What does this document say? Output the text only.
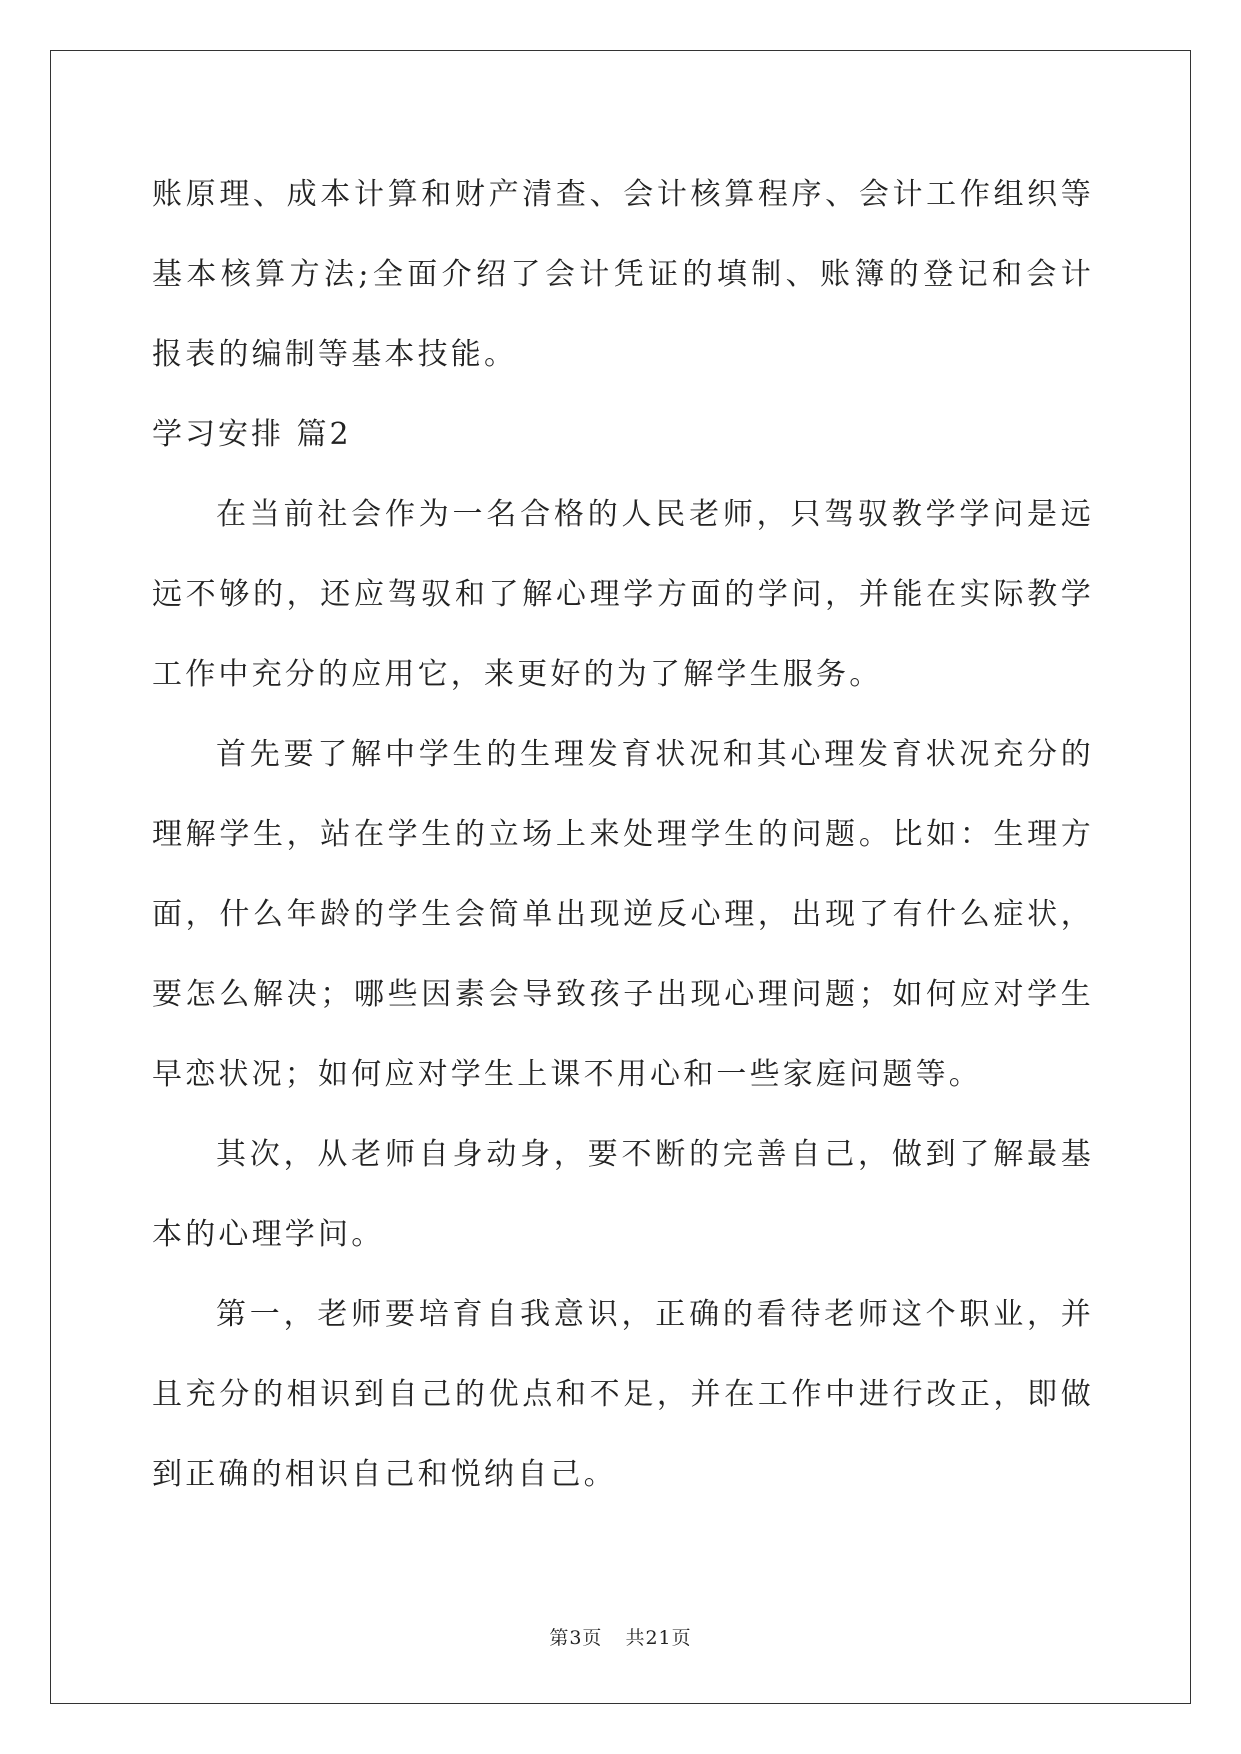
账原理、成本计算和财产清查、会计核算程序、会计工作组织等基本核算方法;全面介绍了会计凭证的填制、账簿的登记和会计报表的编制等基本技能。

学习安排 篇2

在当前社会作为一名合格的人民老师，只驾驭教学学问是远远不够的，还应驾驭和了解心理学方面的学问，并能在实际教学工作中充分的应用它，来更好的为了解学生服务。

首先要了解中学生的生理发育状况和其心理发育状况充分的理解学生，站在学生的立场上来处理学生的问题。比如：生理方面，什么年龄的学生会简单出现逆反心理，出现了有什么症状，要怎么解决；哪些因素会导致孩子出现心理问题；如何应对学生早恋状况；如何应对学生上课不用心和一些家庭问题等。

其次，从老师自身动身，要不断的完善自己，做到了解最基本的心理学问。

第一，老师要培育自我意识，正确的看待老师这个职业，并且充分的相识到自己的优点和不足，并在工作中进行改正，即做到正确的相识自己和悦纳自己。

第3页 共21页
